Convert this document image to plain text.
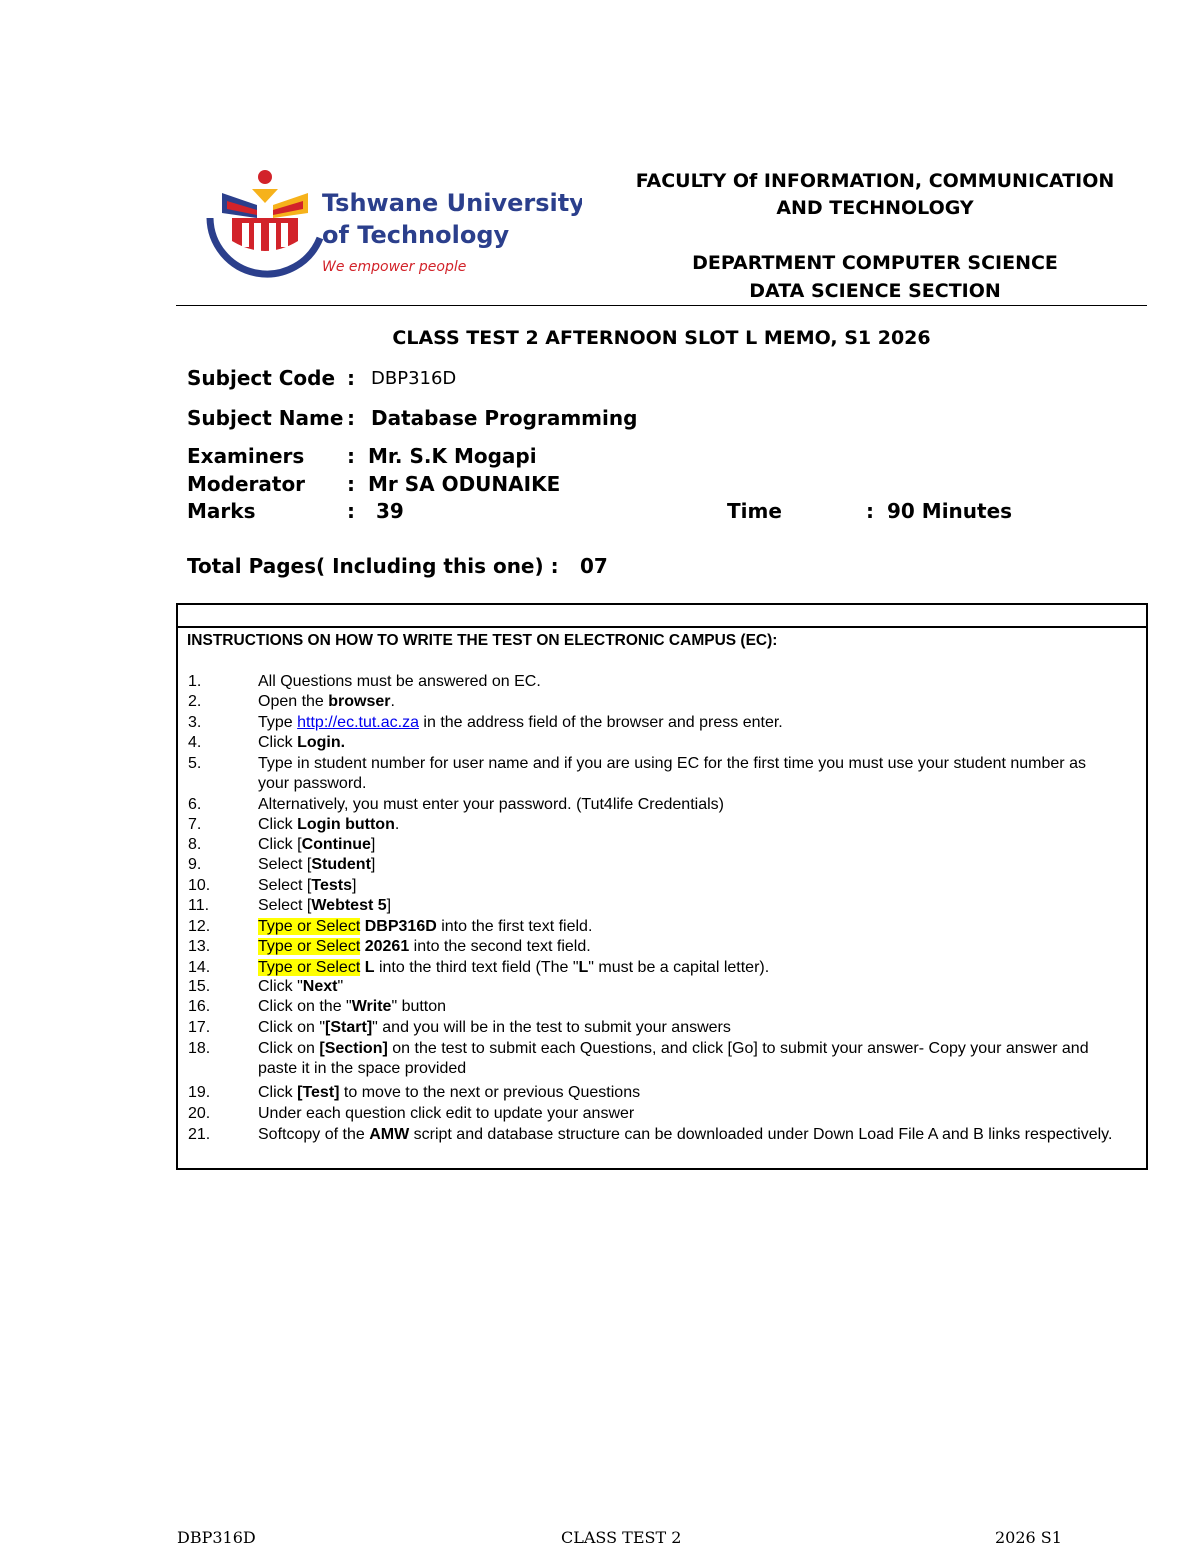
Tshwane University
of Technology
We empower people
FACULTY Of INFORMATION, COMMUNICATION
AND TECHNOLOGY
DEPARTMENT COMPUTER SCIENCE
DATA SCIENCE SECTION
CLASS TEST 2 AFTERNOON SLOT L MEMO, S1 2026
Subject Code : DBP316D
Subject Name : Database Programming
Examiners : Mr. S.K Mogapi
Moderator : Mr SA ODUNAIKE
Marks	: 39	Time	: 90 Minutes
Total Pages( Including this one) : 07
INSTRUCTIONS ON HOW TO WRITE THE TEST ON ELECTRONIC CAMPUS (EC):
1.	All Questions must be answered on EC.
2.	Open the browser.
3.	Type http://ec.tut.ac.za in the address field of the browser and press enter.
4.	Click Login.
5.	Type in student number for user name and if you are using EC for the first time you must use your student number as your password.
6.	Alternatively, you must enter your password. (Tut4life Credentials)
7.	Click Login button.
8.	Click [Continue]
9.	Select [Student]
10.	Select [Tests]
11.	Select [Webtest 5]
12.	Type or Select DBP316D into the first text field.
13.	Type or Select 20261 into the second text field.
14.	Type or Select L into the third text field (The "L" must be a capital letter).
15.	Click "Next"
16.	Click on the "Write" button
17.	Click on "[Start]" and you will be in the test to submit your answers
18.	Click on [Section] on the test to submit each Questions, and click [Go] to submit your answer- Copy your answer and paste it in the space provided
19.	Click [Test] to move to the next or previous Questions
20.	Under each question click edit to update your answer
21.	Softcopy of the AMW script and database structure can be downloaded under Down Load File A and B links respectively.
DBP316D	CLASS TEST 2	2026 S1
